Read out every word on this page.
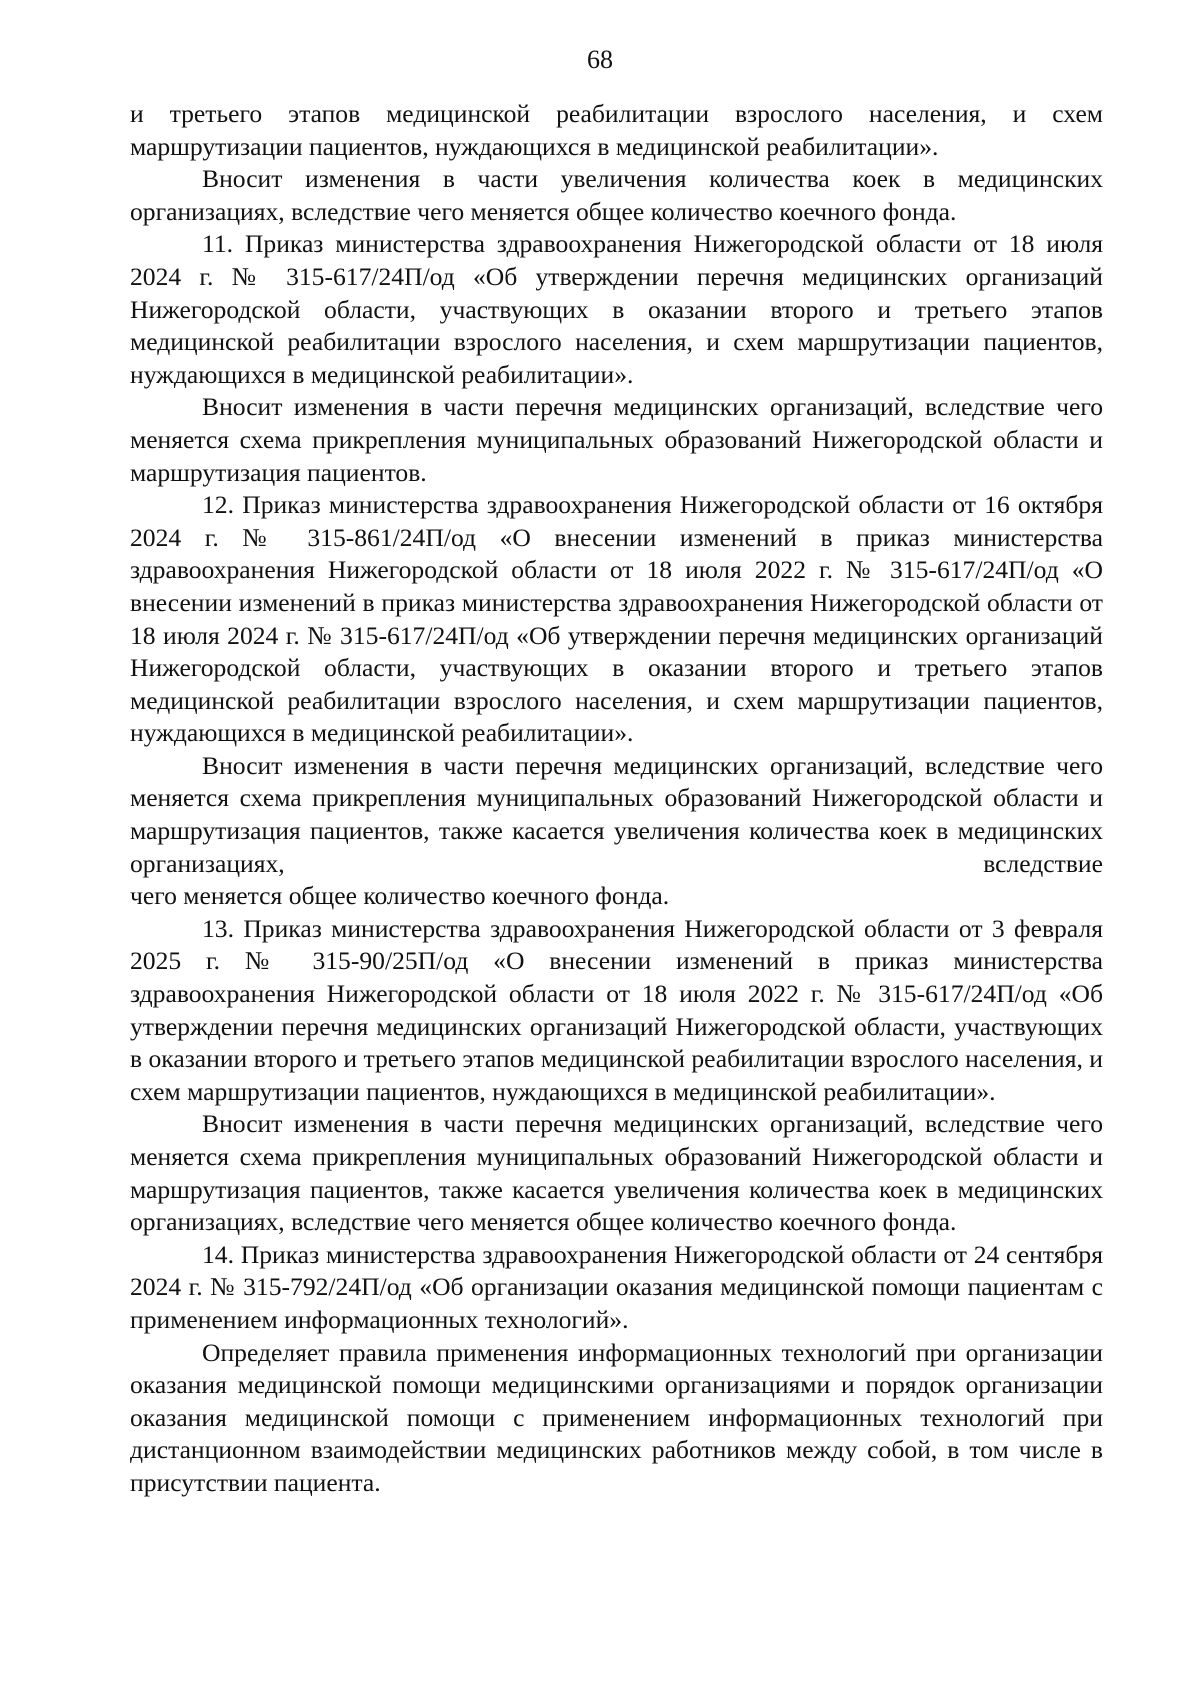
68

и третьего этапов медицинской реабилитации взрослого населения, и схем маршрутизации пациентов, нуждающихся в медицинской реабилитации».

Вносит изменения в части увеличения количества коек в медицинских организациях, вследствие чего меняется общее количество коечного фонда.

11. Приказ министерства здравоохранения Нижегородской области от 18 июля 2024 г. № 315-617/24П/од «Об утверждении перечня медицинских организаций Нижегородской области, участвующих в оказании второго и третьего этапов медицинской реабилитации взрослого населения, и схем маршрутизации пациентов, нуждающихся в медицинской реабилитации».

Вносит изменения в части перечня медицинских организаций, вследствие чего меняется схема прикрепления муниципальных образований Нижегородской области и маршрутизация пациентов.

12. Приказ министерства здравоохранения Нижегородской области от 16 октября 2024 г. № 315-861/24П/од «О внесении изменений в приказ министерства здравоохранения Нижегородской области от 18 июля 2022 г. № 315-617/24П/од «О внесении изменений в приказ министерства здравоохранения Нижегородской области от 18 июля 2024 г. № 315-617/24П/од «Об утверждении перечня медицинских организаций Нижегородской области, участвующих в оказании второго и третьего этапов медицинской реабилитации взрослого населения, и схем маршрутизации пациентов, нуждающихся в медицинской реабилитации».

Вносит изменения в части перечня медицинских организаций, вследствие чего меняется схема прикрепления муниципальных образований Нижегородской области и маршрутизация пациентов, также касается увеличения количества коек в медицинских организациях, вследствие

чего меняется общее количество коечного фонда.

13. Приказ министерства здравоохранения Нижегородской области от 3 февраля 2025 г. № 315-90/25П/од «О внесении изменений в приказ министерства здравоохранения Нижегородской области от 18 июля 2022 г. № 315-617/24П/од «Об утверждении перечня медицинских организаций Нижегородской области, участвующих в оказании второго и третьего этапов медицинской реабилитации взрослого населения, и схем маршрутизации пациентов, нуждающихся в медицинской реабилитации».

Вносит изменения в части перечня медицинских организаций, вследствие чего меняется схема прикрепления муниципальных образований Нижегородской области и маршрутизация пациентов, также касается увеличения количества коек в медицинских организациях, вследствие чего меняется общее количество коечного фонда.

14. Приказ министерства здравоохранения Нижегородской области от 24 сентября 2024 г. № 315-792/24П/од «Об организации оказания медицинской помощи пациентам с применением информационных технологий».

Определяет правила применения информационных технологий при организации оказания медицинской помощи медицинскими организациями и порядок организации оказания медицинской помощи с применением информационных технологий при дистанционном взаимодействии медицинских работников между собой, в том числе в присутствии пациента.
